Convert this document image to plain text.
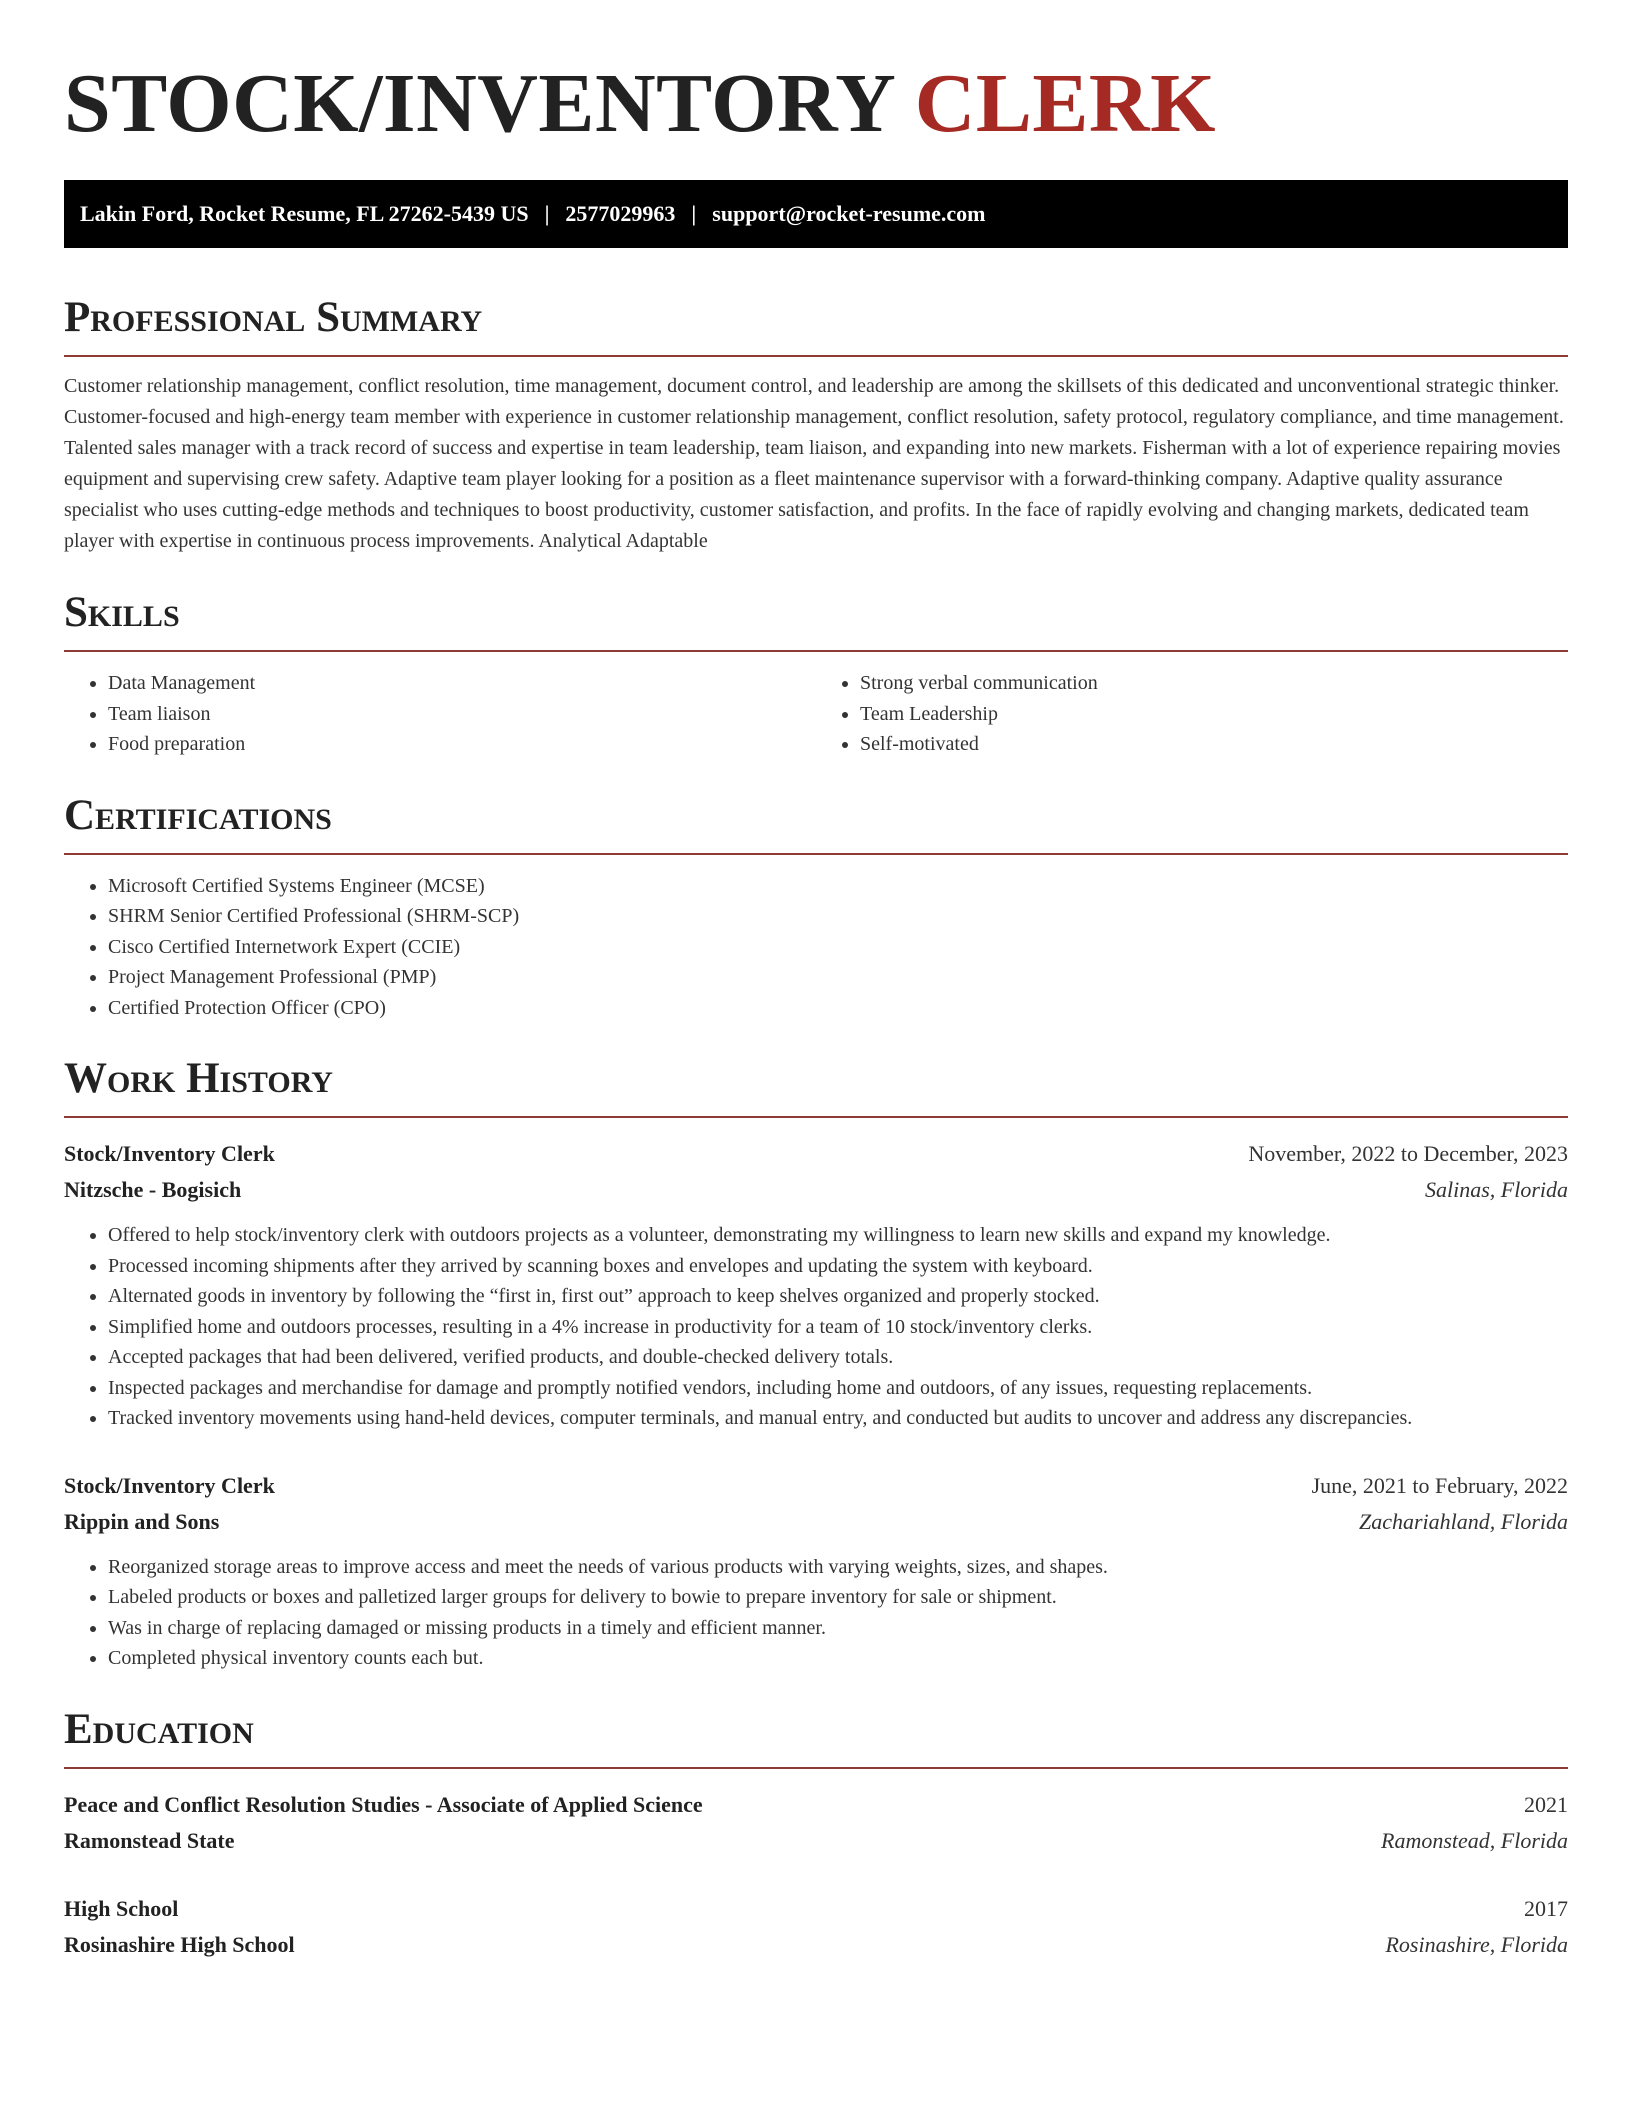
STOCK/INVENTORY CLERK
Lakin Ford, Rocket Resume, FL 27262-5439 US | 2577029963 | support@rocket-resume.com
Professional Summary

Customer relationship management, conflict resolution, time management, document control, and leadership are among the skillsets of this dedicated and unconventional strategic thinker. Customer-focused and high-energy team member with experience in customer relationship management, conflict resolution, safety protocol, regulatory compliance, and time management. Talented sales manager with a track record of success and expertise in team leadership, team liaison, and expanding into new markets. Fisherman with a lot of experience repairing movies equipment and supervising crew safety. Adaptive team player looking for a position as a fleet maintenance supervisor with a forward-thinking company. Adaptive quality assurance specialist who uses cutting-edge methods and techniques to boost productivity, customer satisfaction, and profits. In the face of rapidly evolving and changing markets, dedicated team player with expertise in continuous process improvements. Analytical Adaptable

Skills
• Data Management
• Team liaison
• Food preparation
• Strong verbal communication
• Team Leadership
• Self-motivated
Certifications
• Microsoft Certified Systems Engineer (MCSE)
• SHRM Senior Certified Professional (SHRM-SCP)
• Cisco Certified Internetwork Expert (CCIE)
• Project Management Professional (PMP)
• Certified Protection Officer (CPO)
Work History
Stock/Inventory Clerk	November, 2022 to December, 2023
Nitzsche - Bogisich	Salinas, Florida
• Offered to help stock/inventory clerk with outdoors projects as a volunteer, demonstrating my willingness to learn new skills and expand my knowledge.
• Processed incoming shipments after they arrived by scanning boxes and envelopes and updating the system with keyboard.
• Alternated goods in inventory by following the “first in, first out” approach to keep shelves organized and properly stocked.
• Simplified home and outdoors processes, resulting in a 4% increase in productivity for a team of 10 stock/inventory clerks.
• Accepted packages that had been delivered, verified products, and double-checked delivery totals.
• Inspected packages and merchandise for damage and promptly notified vendors, including home and outdoors, of any issues, requesting replacements.
• Tracked inventory movements using hand-held devices, computer terminals, and manual entry, and conducted but audits to uncover and address any discrepancies.
Stock/Inventory Clerk	June, 2021 to February, 2022
Rippin and Sons	Zachariahland, Florida
• Reorganized storage areas to improve access and meet the needs of various products with varying weights, sizes, and shapes.
• Labeled products or boxes and palletized larger groups for delivery to bowie to prepare inventory for sale or shipment.
• Was in charge of replacing damaged or missing products in a timely and efficient manner.
• Completed physical inventory counts each but.
Education
Peace and Conflict Resolution Studies - Associate of Applied Science	2021
Ramonstead State	Ramonstead, Florida
High School	2017
Rosinashire High School	Rosinashire, Florida
